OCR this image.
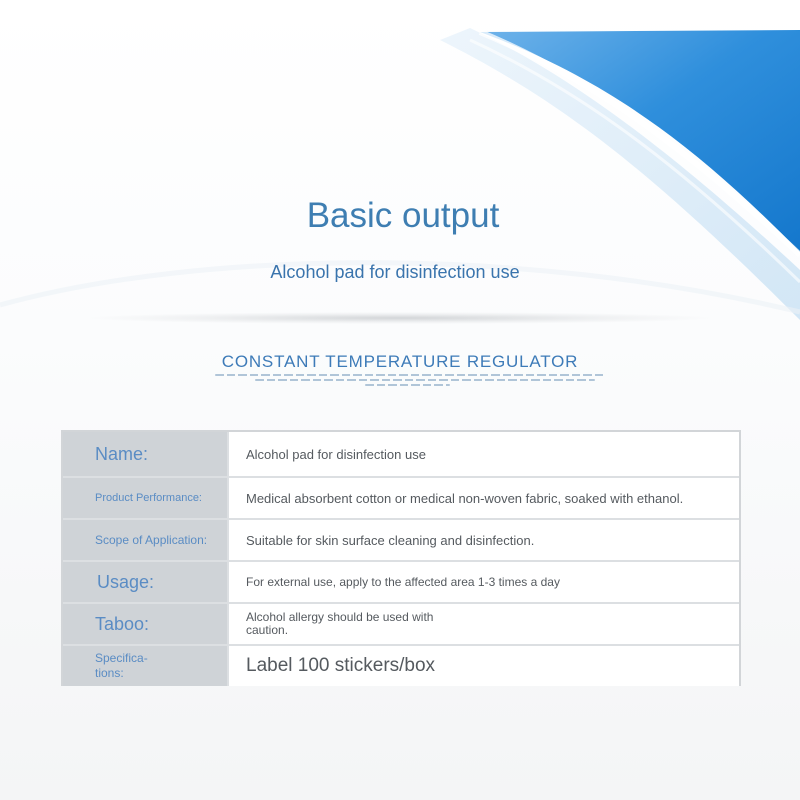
Basic output
Alcohol pad for disinfection use
CONSTANT TEMPERATURE REGULATOR
Name:	Alcohol pad for disinfection use
Product Performance:	Medical absorbent cotton or medical non-woven fabric, soaked with ethanol.
Scope of Application:	Suitable for skin surface cleaning and disinfection.
Usage:	For external use, apply to the affected area 1-3 times a day
Taboo:	Alcohol allergy should be used with caution.
Specifica-tions:	Label 100 stickers/box
